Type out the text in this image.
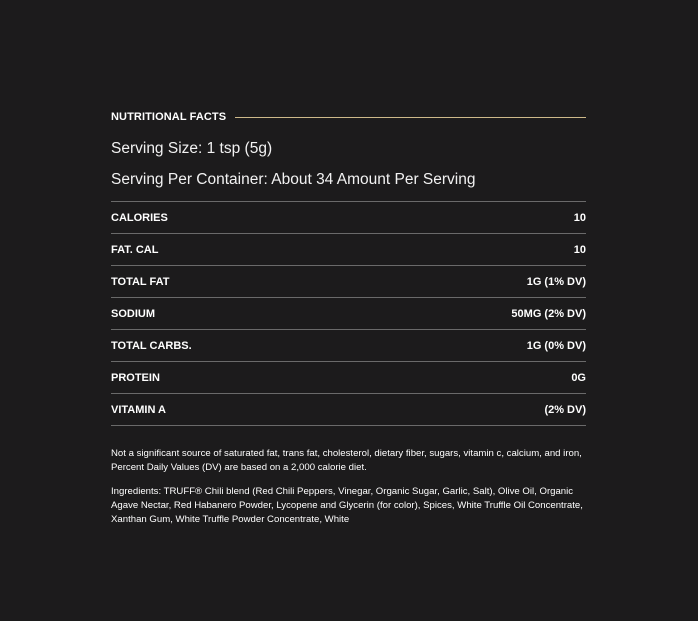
NUTRITIONAL FACTS
Serving Size: 1 tsp (5g)
Serving Per Container: About 34 Amount Per Serving
CALORIES	10
FAT. CAL	10
TOTAL FAT	1G (1% DV)
SODIUM	50MG (2% DV)
TOTAL CARBS.	1G (0% DV)
PROTEIN	0G
VITAMIN A	(2% DV)

Not a significant source of saturated fat, trans fat, cholesterol, dietary fiber, sugars, vitamin c, calcium, and iron, Percent Daily Values (DV) are based on a 2,000 calorie diet.

Ingredients: TRUFF® Chili blend (Red Chili Peppers, Vinegar, Organic Sugar, Garlic, Salt), Olive Oil, Organic Agave Nectar, Red Habanero Powder, Lycopene and Glycerin (for color), Spices, White Truffle Oil Concentrate, Xanthan Gum, White Truffle Powder Concentrate, White
